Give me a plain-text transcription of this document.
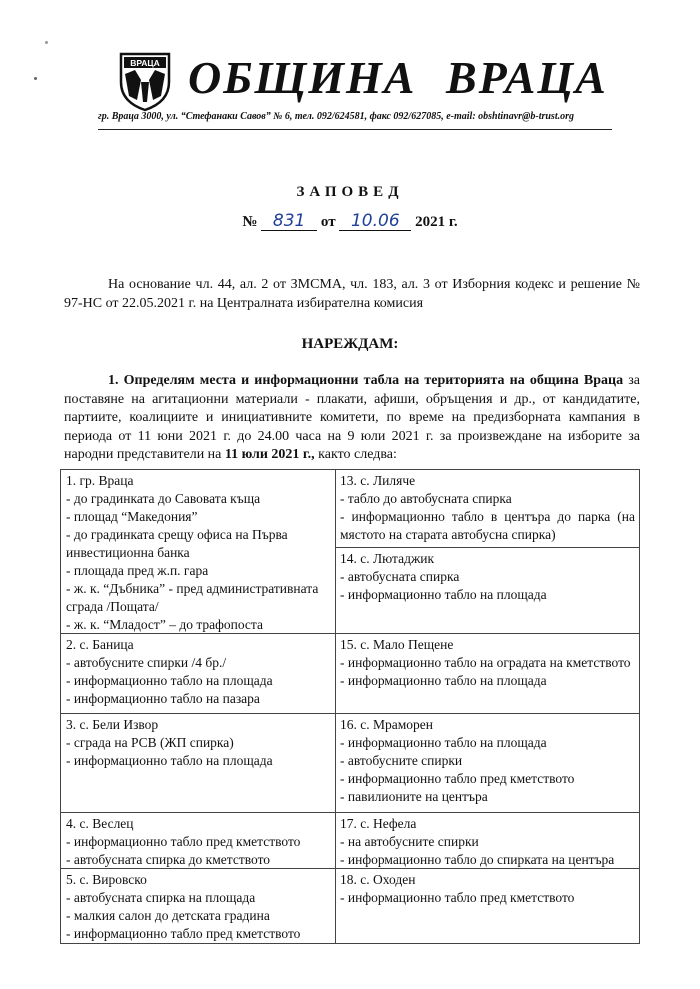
ВРАЦА ОБЩИНА ВРАЦА
гр. Враца 3000, ул. “Стефанаки Савов” № 6, тел. 092/624581, факс 092/627085, e-mail: obshtinavr@b-trust.org
ЗАПОВЕД
№ 831 от 10.06 2021 г.
На основание чл. 44, ал. 2 от ЗМСМА, чл. 183, ал. 3 от Изборния кодекс и решение № 97-НС от 22.05.2021 г. на Централната избирателна комисия
НАРЕЖДАМ:
1. Определям места и информационни табла на територията на община Враца за поставяне на агитационни материали - плакати, афиши, обръщения и др., от кандидатите, партиите, коалициите и инициативните комитети, по време на предизборната кампания в периода от 11 юни 2021 г. до 24.00 часа на 9 юли 2021 г. за произвеждане на изборите за народни представители на 11 юли 2021 г., както следва:
1. гр. Враца
- до градинката до Савовата къща
- площад “Македония”
- до градинката срещу офиса на Първа инвестиционна банка
- площада пред ж.п. гара
- ж. к. “Дъбника” - пред административната сграда /Пощата/
- ж. к. “Младост” – до трафопоста
2. с. Баница
- автобусните спирки /4 бр./
- информационно табло на площада
- информационно табло на пазара
3. с. Бели Извор
- сграда на РСВ (ЖП спирка)
- информационно табло на площада
4. с. Веслец
- информационно табло пред кметството
- автобусната спирка до кметството
5. с. Вировско
- автобусната спирка на площада
- малкия салон до детската градина
- информационно табло пред кметството
13. с. Лиляче
- табло до автобусната спирка
- информационно табло в центъра до парка (на мястото на старата автобусна спирка)
14. с. Лютаджик
- автобусната спирка
- информационно табло на площада
15. с. Мало Пещене
- информационно табло на оградата на кметството
- информационно табло на площада
16. с. Мраморен
- информационно табло на площада
- автобусните спирки
- информационно табло пред кметството
- павилионите на центъра
17. с. Нефела
- на автобусните спирки
- информационно табло до спирката на центъра
18. с. Оходен
- информационно табло пред кметството
